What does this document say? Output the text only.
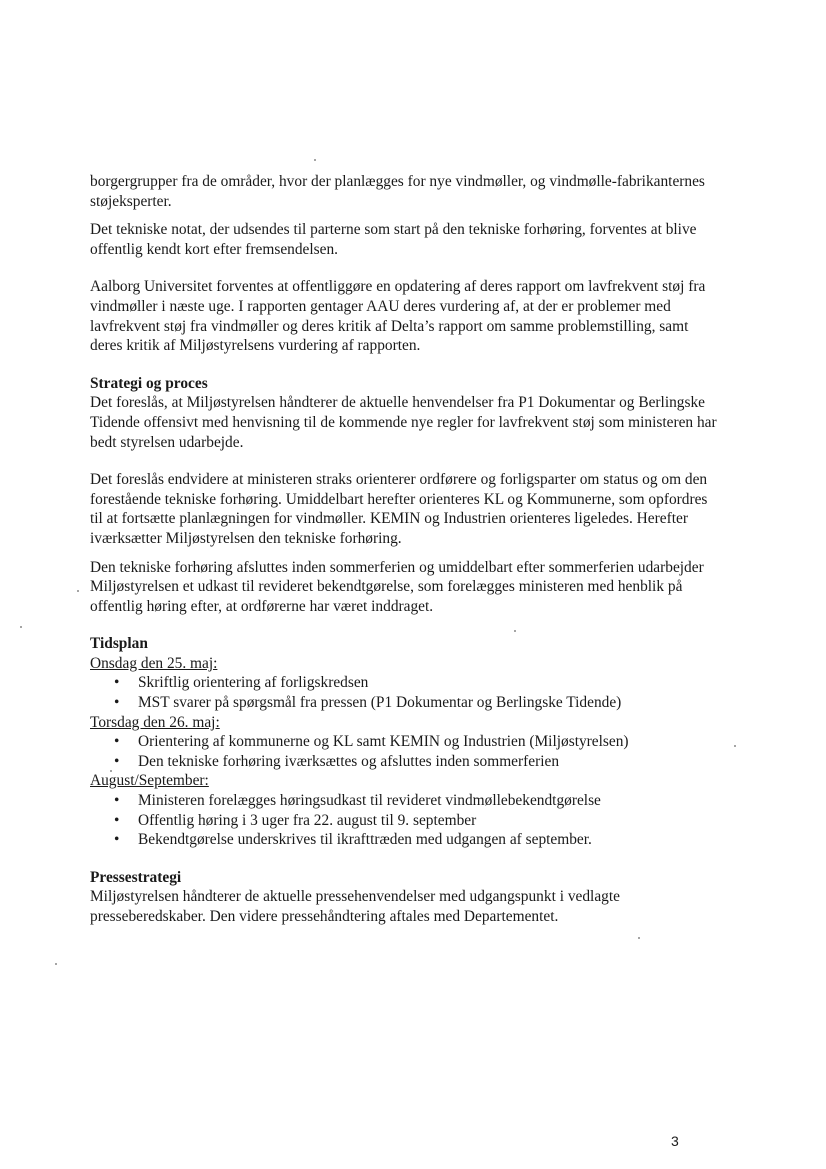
borgergrupper fra de områder, hvor der planlægges for nye vindmøller, og vindmølle-fabrikanternes støjeksperter.

Det tekniske notat, der udsendes til parterne som start på den tekniske forhøring, forventes at blive offentlig kendt kort efter fremsendelsen.

Aalborg Universitet forventes at offentliggøre en opdatering af deres rapport om lavfrekvent støj fra vindmøller i næste uge. I rapporten gentager AAU deres vurdering af, at der er problemer med lavfrekvent støj fra vindmøller og deres kritik af Delta’s rapport om samme problemstilling, samt deres kritik af Miljøstyrelsens vurdering af rapporten.

Strategi og proces

Det foreslås, at Miljøstyrelsen håndterer de aktuelle henvendelser fra P1 Dokumentar og Berlingske Tidende offensivt med henvisning til de kommende nye regler for lavfrekvent støj som ministeren har bedt styrelsen udarbejde.

Det foreslås endvidere at ministeren straks orienterer ordførere og forligsparter om status og om den forestående tekniske forhøring. Umiddelbart herefter orienteres KL og Kommunerne, som opfordres til at fortsætte planlægningen for vindmøller. KEMIN og Industrien orienteres ligeledes. Herefter iværksætter Miljøstyrelsen den tekniske forhøring.

Den tekniske forhøring afsluttes inden sommerferien og umiddelbart efter sommerferien udarbejder Miljøstyrelsen et udkast til revideret bekendtgørelse, som forelægges ministeren med henblik på offentlig høring efter, at ordførerne har været inddraget.

Tidsplan

Onsdag den 25. maj:

• Skriftlig orientering af forligskredsen
• MST svarer på spørgsmål fra pressen (P1 Dokumentar og Berlingske Tidende)

Torsdag den 26. maj:

• Orientering af kommunerne og KL samt KEMIN og Industrien (Miljøstyrelsen)
• Den tekniske forhøring iværksættes og afsluttes inden sommerferien

August/September:

• Ministeren forelægges høringsudkast til revideret vindmøllebekendtgørelse
• Offentlig høring i 3 uger fra 22. august til 9. september
• Bekendtgørelse underskrives til ikrafttræden med udgangen af september.

Pressestrategi

Miljøstyrelsen håndterer de aktuelle pressehenvendelser med udgangspunkt i vedlagte presseberedskaber. Den videre pressehåndtering aftales med Departementet.

3
